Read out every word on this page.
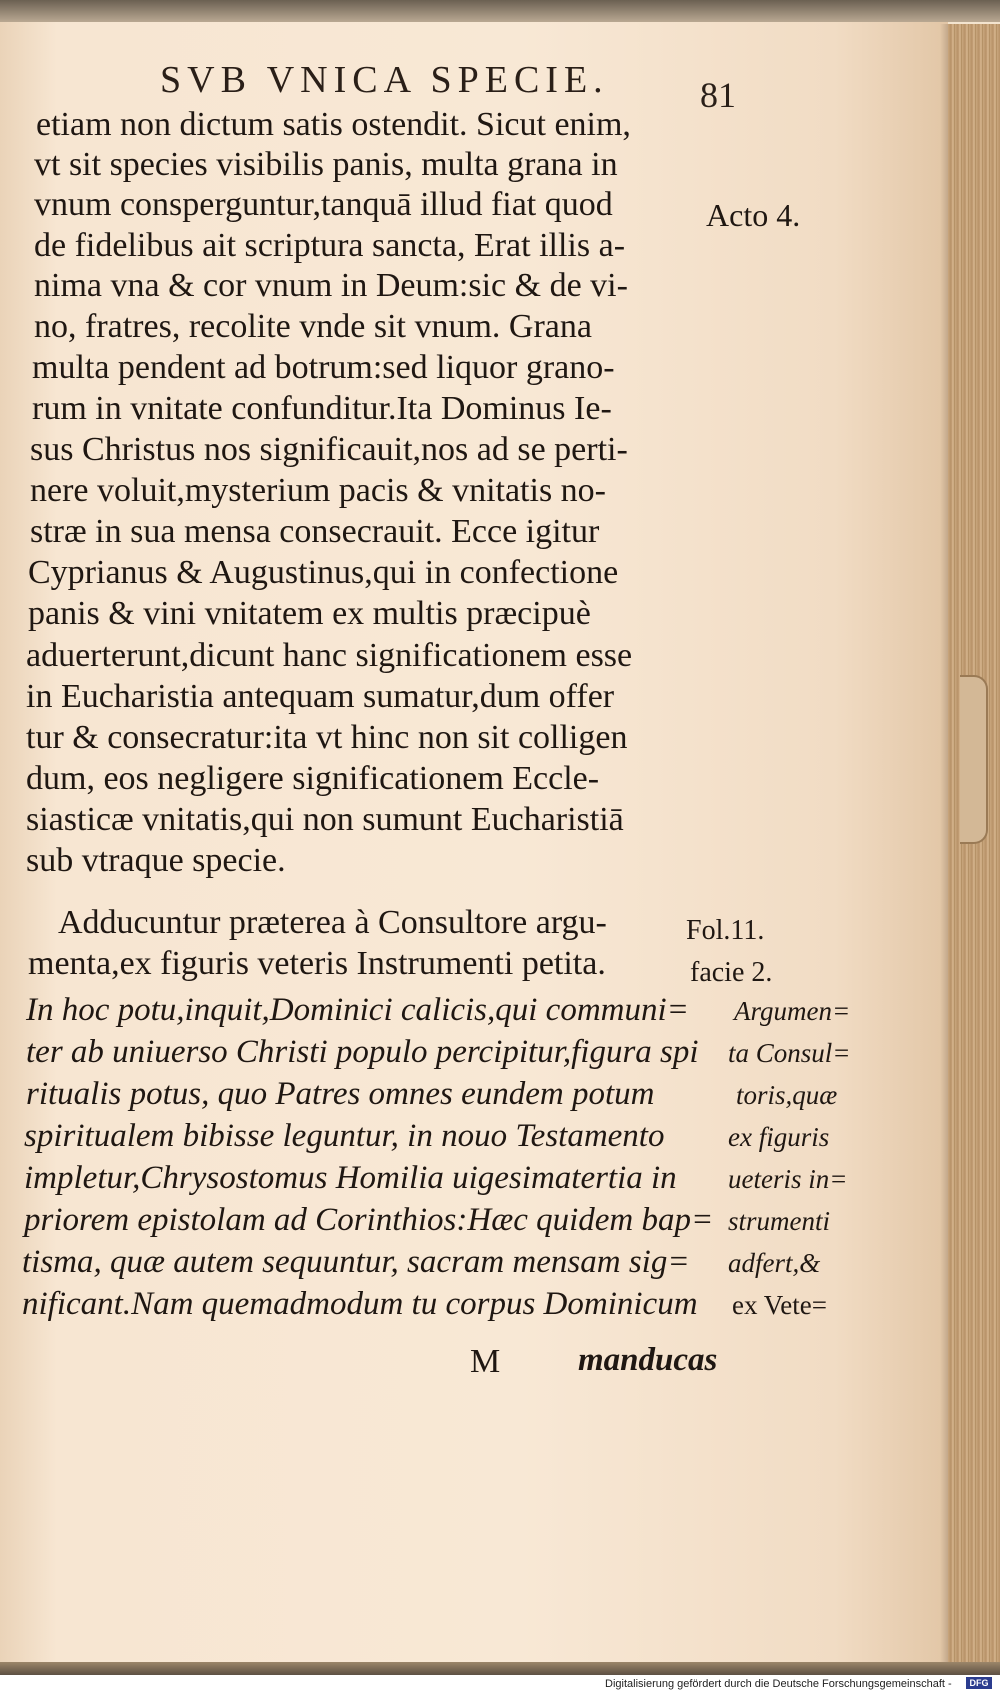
SVB VNICA SPECIE.	81
etiam non dictum satis ostendit. Sicut enim,
vt sit species visibilis panis, multa grana in
vnum consperguntur,tanquā illud fiat quod
de fidelibus ait scriptura sancta, Erat illis a-
nima vna & cor vnum in Deum:sic & de vi-
no, fratres, recolite vnde sit vnum. Grana
multa pendent ad botrum:sed liquor grano-
rum in vnitate confunditur.Ita Dominus Ie-
sus Christus nos significauit,nos ad se perti-
nere voluit,mysterium pacis & vnitatis no-
stræ in sua mensa consecrauit. Ecce igitur
Cyprianus & Augustinus,qui in confectione
panis & vini vnitatem ex multis præcipuè
aduerterunt,dicunt hanc significationem esse
in Eucharistia antequam sumatur,dum offer
tur & consecratur:ita vt hinc non sit colligen
dum, eos negligere significationem Eccle-
siasticæ vnitatis,qui non sumunt Eucharistiā
sub vtraque specie.
Adducuntur præterea à Consultore argu-
menta,ex figuris veteris Instrumenti petita.
In hoc potu,inquit,Dominici calicis,qui communi=
ter ab uniuerso Christi populo percipitur,figura spi
ritualis potus, quo Patres omnes eundem potum
spiritualem bibisse leguntur, in nouo Testamento
impletur,Chrysostomus Homilia uigesimatertia in
priorem epistolam ad Corinthios:Hæc quidem bap=
tisma, quæ autem sequuntur, sacram mensam sig=
nificant.Nam quemadmodum tu corpus Dominicum
Acto 4.
Fol.11.
facie 2.
Argumen=
ta Consul=
toris,quæ
ex figuris
ueteris in=
strumenti
adfert,&
ex Vete=
M manducas
Digitalisierung gefördert durch die Deutsche Forschungsgemeinschaft -	DFG
